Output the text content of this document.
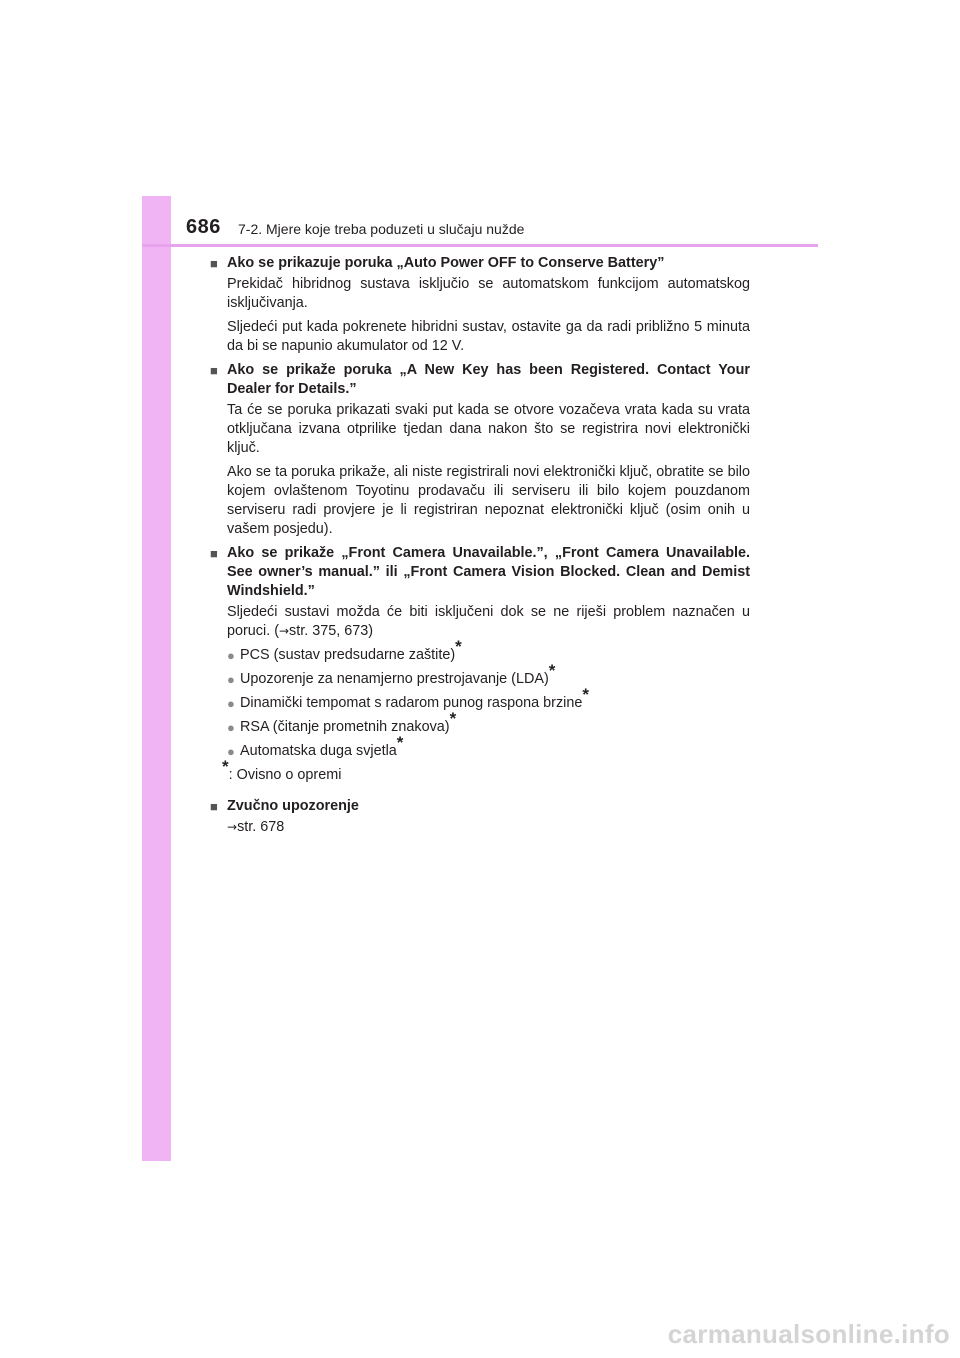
686 7-2. Mjere koje treba poduzeti u slučaju nužde
■ Ako se prikazuje poruka „Auto Power OFF to Conserve Battery”
Prekidač hibridnog sustava isključio se automatskom funkcijom automatskog isključivanja.
Sljedeći put kada pokrenete hibridni sustav, ostavite ga da radi približno 5 minuta da bi se napunio akumulator od 12 V.
■ Ako se prikaže poruka „A New Key has been Registered. Contact Your Dealer for Details.”
Ta će se poruka prikazati svaki put kada se otvore vozačeva vrata kada su vrata otključana izvana otprilike tjedan dana nakon što se registrira novi elektronički ključ.
Ako se ta poruka prikaže, ali niste registrirali novi elektronički ključ, obratite se bilo kojem ovlaštenom Toyotinu prodavaču ili serviseru ili bilo kojem pouzdanom serviseru radi provjere je li registriran nepoznat elektronički ključ (osim onih u vašem posjedu).
■ Ako se prikaže „Front Camera Unavailable.”, „Front Camera Unavailable. See owner’s manual.” ili „Front Camera Vision Blocked. Clean and Demist Windshield.”
Sljedeći sustavi možda će biti isključeni dok se ne riješi problem naznačen u poruci. (→str. 375, 673)
● PCS (sustav predsudarne zaštite)*
● Upozorenje za nenamjerno prestrojavanje (LDA)*
● Dinamički tempomat s radarom punog raspona brzine*
● RSA (čitanje prometnih znakova)*
● Automatska duga svjetla*
*: Ovisno o opremi
■ Zvučno upozorenje
→str. 678
carmanualsonline.info
